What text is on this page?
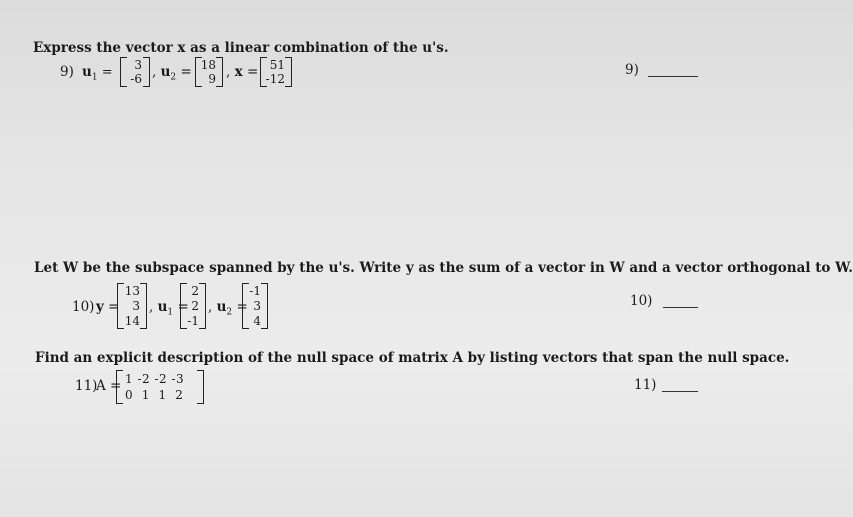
Express the vector x as a linear combination of the u's.
9) $u_1 = 3$
-6 , $u_2 = 18$
9 , x = 51
-12
9)
Let W be the subspace spanned by the u's. Write y as the sum of a vector in W and a vector orthogonal to W.
10) y =
13
3
14
, $u_1$ =
2
2
-1
, $u_2$ =
-1
3
4
10)
Find an explicit description of the null space of matrix A by listing vectors that span the null space.
11)
A = 1 -2 -2 -3
0  1  1  2
11)
